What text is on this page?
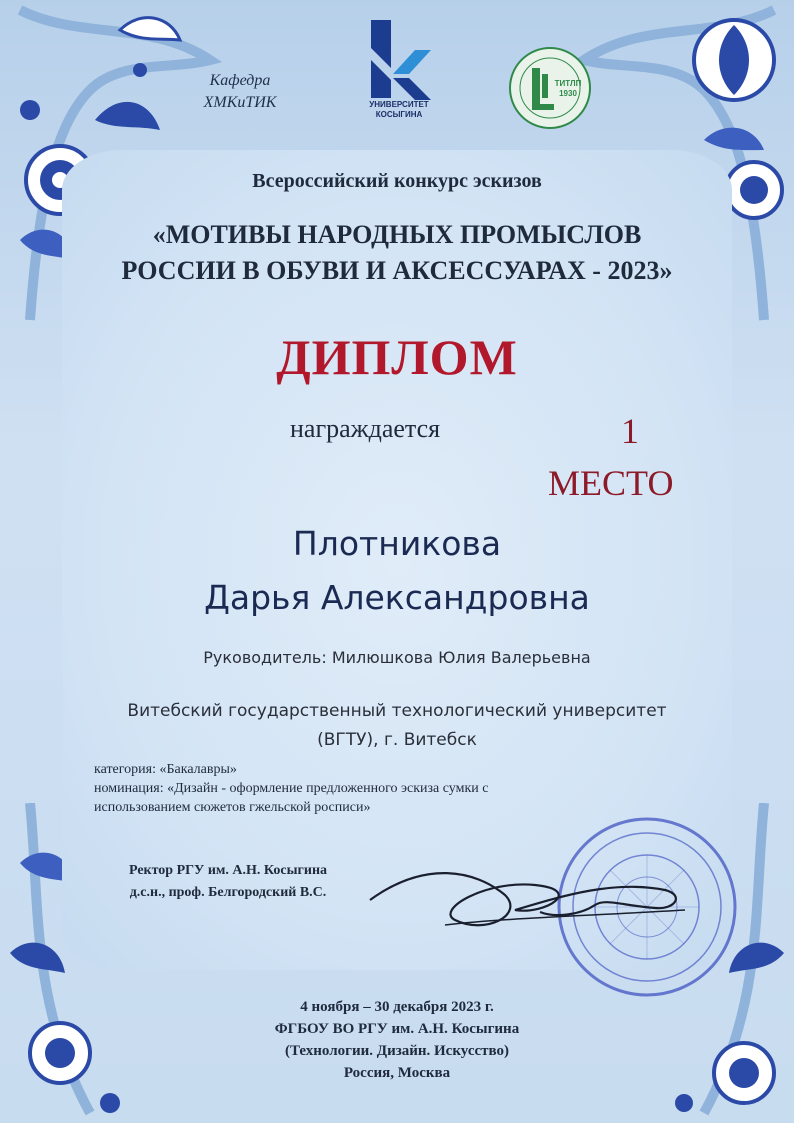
Кафедра
ХМКиТИК	УНИВЕРСИТЕТ
КОСЫГИНА
ТИТЛП
1930
Всероссийский конкурс эскизов
«МОТИВЫ НАРОДНЫХ ПРОМЫСЛОВ
РОССИИ В ОБУВИ И АКСЕССУАРАХ - 2023»
ДИПЛОМ
награждается	1
МЕСТО
Плотникова
Дарья Александровна
Руководитель: Милюшкова Юлия Валерьевна
Витебский государственный технологический университет
(ВГТУ), г. Витебск
категория: «Бакалавры»
номинация: «Дизайн - оформление предложенного эскиза сумки с
использованием сюжетов гжельской росписи»
Ректор РГУ им. А.Н. Косыгина
д.с.н., проф. Белгородский В.С.
4 ноября – 30 декабря 2023 г.
ФГБОУ ВО РГУ им. А.Н. Косыгина
(Технологии. Дизайн. Искусство)
Россия, Москва
